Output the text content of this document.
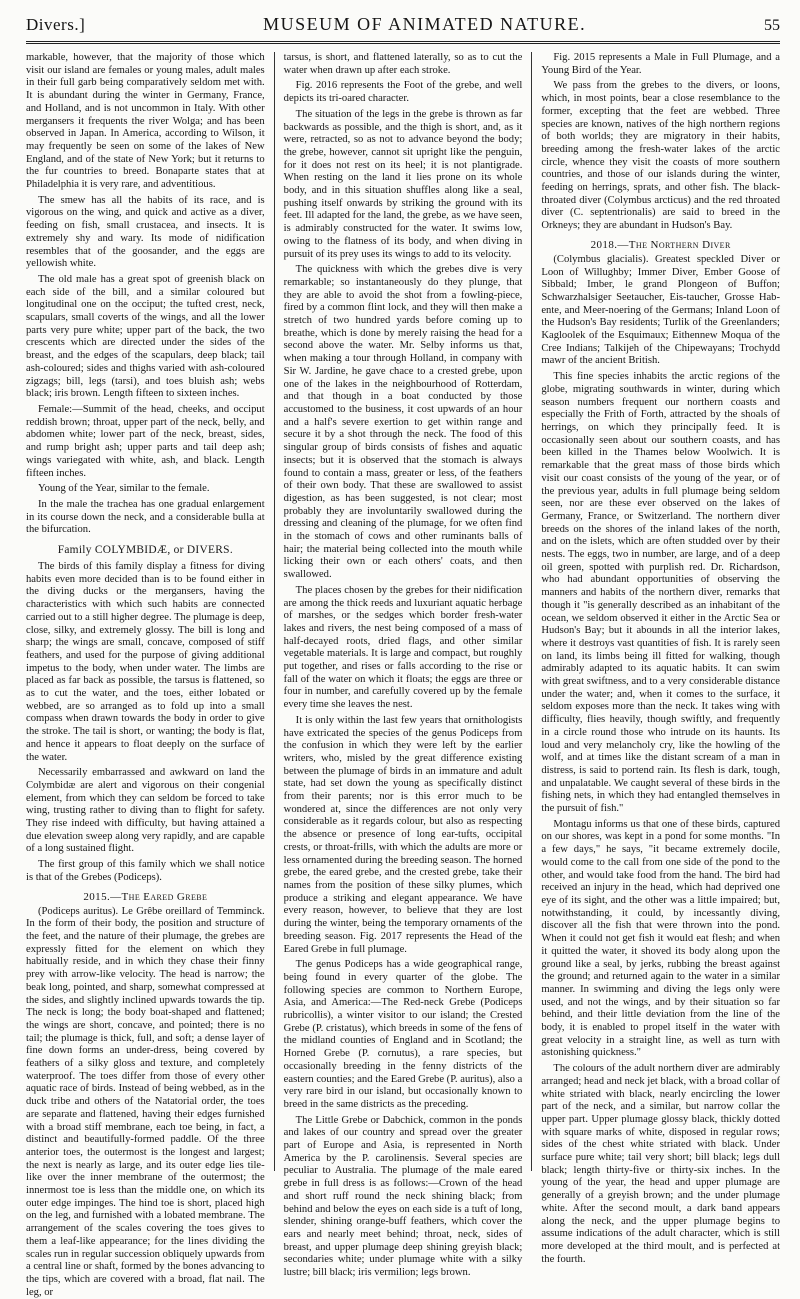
Divers.]	MUSEUM OF ANIMATED NATURE.	55

markable, however, that the majority of those which visit our island are females or young males, adult males in their full garb being comparatively seldom met with. It is abundant during the winter in Germany, France, and Holland, and is not uncommon in Italy. With other mergansers it frequents the river Wolga; and has been observed in Japan. In America, according to Wilson, it may frequently be seen on some of the lakes of New England, and of the state of New York; but it returns to the fur countries to breed. Bonaparte states that at Philadelphia it is very rare, and adventitious.

The smew has all the habits of its race, and is vigorous on the wing, and quick and active as a diver, feeding on fish, small crustacea, and insects. It is extremely shy and wary. Its mode of nidification resembles that of the goosander, and the eggs are yellowish white.

The old male has a great spot of greenish black on each side of the bill, and a similar coloured but longitudinal one on the occiput; the tufted crest, neck, scapulars, small coverts of the wings, and all the lower parts very pure white; upper part of the back, the two crescents which are directed under the sides of the breast, and the edges of the scapulars, deep black; tail ash-coloured; sides and thighs varied with ash-coloured zigzags; bill, legs (tarsi), and toes bluish ash; webs black; iris brown. Length fifteen to sixteen inches.

Female:—Summit of the head, cheeks, and occiput reddish brown; throat, upper part of the neck, belly, and abdomen white; lower part of the neck, breast, sides, and rump bright ash; upper parts and tail deep ash; wings variegated with white, ash, and black. Length fifteen inches.

Young of the Year, similar to the female.

In the male the trachea has one gradual enlargement in its course down the neck, and a considerable bulla at the bifurcation.

Family COLYMBIDÆ, or DIVERS.

The birds of this family display a fitness for diving habits even more decided than is to be found either in the diving ducks or the mergansers, having the characteristics with which such habits are connected carried out to a still higher degree. The plumage is deep, close, silky, and extremely glossy. The bill is long and sharp; the wings are small, concave, composed of stiff feathers, and used for the purpose of giving additional impetus to the body, when under water. The limbs are placed as far back as possible, the tarsus is flattened, so as to cut the water, and the toes, either lobated or webbed, are so arranged as to fold up into a small compass when drawn towards the body in order to give the stroke. The tail is short, or wanting; the body is flat, and hence it appears to float deeply on the surface of the water.

Necessarily embarrassed and awkward on land the Colymbidæ are alert and vigorous on their congenial element, from which they can seldom be forced to take wing, trusting rather to diving than to flight for safety. They rise indeed with difficulty, but having attained a due elevation sweep along very rapidly, and are capable of a long sustained flight.

The first group of this family which we shall notice is that of the Grebes (Podiceps).

2015.—The Eared Grebe

(Podiceps auritus). Le Grêbe oreillard of Temminck. In the form of their body, the position and structure of the feet, and the nature of their plumage, the grebes are expressly fitted for the element on which they habitually reside, and in which they chase their finny prey with arrow-like velocity. The head is narrow; the beak long, pointed, and sharp, somewhat compressed at the sides, and slightly inclined upwards towards the tip. The neck is long; the body boat-shaped and flattened; the wings are short, concave, and pointed; there is no tail; the plumage is thick, full, and soft; a dense layer of fine down forms an under-dress, being covered by feathers of a silky gloss and texture, and completely waterproof. The toes differ from those of every other aquatic race of birds. Instead of being webbed, as in the duck tribe and others of the Natatorial order, the toes are separate and flattened, having their edges furnished with a broad stiff membrane, each toe being, in fact, a distinct and beautifully-formed paddle. Of the three anterior toes, the outermost is the longest and largest; the next is nearly as large, and its outer edge lies tile-like over the inner membrane of the outermost; the innermost toe is less than the middle one, on which its outer edge impinges. The hind toe is short, placed high on the leg, and furnished with a lobated membrane. The arrangement of the scales covering the toes gives to them a leaf-like appearance; for the lines dividing the scales run in regular succession obliquely upwards from a central line or shaft, formed by the bones advancing to the tips, which are covered with a broad, flat nail. The leg, or

tarsus, is short, and flattened laterally, so as to cut the water when drawn up after each stroke.

Fig. 2016 represents the Foot of the grebe, and well depicts its tri-oared character.

The situation of the legs in the grebe is thrown as far backwards as possible, and the thigh is short, and, as it were, retracted, so as not to advance beyond the body; the grebe, however, cannot sit upright like the penguin, for it does not rest on its heel; it is not plantigrade. When resting on the land it lies prone on its whole body, and in this situation shuffles along like a seal, pushing itself onwards by striking the ground with its feet. Ill adapted for the land, the grebe, as we have seen, is admirably constructed for the water. It swims low, owing to the flatness of its body, and when diving in pursuit of its prey uses its wings to add to its velocity.

The quickness with which the grebes dive is very remarkable; so instantaneously do they plunge, that they are able to avoid the shot from a fowling-piece, fired by a common flint lock, and they will then make a stretch of two hundred yards before coming up to breathe, which is done by merely raising the head for a second above the water. Mr. Selby informs us that, when making a tour through Holland, in company with Sir W. Jardine, he gave chace to a crested grebe, upon one of the lakes in the neighbourhood of Rotterdam, and that though in a boat conducted by those accustomed to the business, it cost upwards of an hour and a half's severe exertion to get within range and secure it by a shot through the neck. The food of this singular group of birds consists of fishes and aquatic insects; but it is observed that the stomach is always found to contain a mass, greater or less, of the feathers of their own body. That these are swallowed to assist digestion, as has been suggested, is not clear; most probably they are involuntarily swallowed during the dressing and cleaning of the plumage, for we often find in the stomach of cows and other ruminants balls of hair; the material being collected into the mouth while licking their own or each others' coats, and then swallowed.

The places chosen by the grebes for their nidification are among the thick reeds and luxuriant aquatic herbage of marshes, or the sedges which border fresh-water lakes and rivers, the nest being composed of a mass of half-decayed roots, dried flags, and other similar vegetable materials. It is large and compact, but roughly put together, and rises or falls according to the rise or fall of the water on which it floats; the eggs are three or four in number, and carefully covered up by the female every time she leaves the nest.

It is only within the last few years that ornithologists have extricated the species of the genus Podiceps from the confusion in which they were left by the earlier writers, who, misled by the great difference existing between the plumage of birds in an immature and adult state, had set down the young as specifically distinct from their parents; nor is this error much to be wondered at, since the differences are not only very considerable as it regards colour, but also as respecting the absence or presence of long ear-tufts, occipital crests, or throat-frills, with which the adults are more or less ornamented during the breeding season. The horned grebe, the eared grebe, and the crested grebe, take their names from the position of these silky plumes, which produce a striking and elegant appearance. We have every reason, however, to believe that they are lost during the winter, being the temporary ornaments of the breeding season. Fig. 2017 represents the Head of the Eared Grebe in full plumage.

The genus Podiceps has a wide geographical range, being found in every quarter of the globe. The following species are common to Northern Europe, Asia, and America:—The Red-neck Grebe (Podiceps rubricollis), a winter visitor to our island; the Crested Grebe (P. cristatus), which breeds in some of the fens of the midland counties of England and in Scotland; the Horned Grebe (P. cornutus), a rare species, but occasionally breeding in the fenny districts of the eastern counties; and the Eared Grebe (P. auritus), also a very rare bird in our island, but occasionally known to breed in the same districts as the preceding.

The Little Grebe or Dabchick, common in the ponds and lakes of our country and spread over the greater part of Europe and Asia, is represented in North America by the P. carolinensis. Several species are peculiar to Australia. The plumage of the male eared grebe in full dress is as follows:—Crown of the head and short ruff round the neck shining black; from behind and below the eyes on each side is a tuft of long, slender, shining orange-buff feathers, which cover the ears and nearly meet behind; throat, neck, sides of breast, and upper plumage deep shining greyish black; secondaries white; under plumage white with a silky lustre; bill black; iris vermilion; legs brown.

Fig. 2015 represents a Male in Full Plumage, and a Young Bird of the Year.

We pass from the grebes to the divers, or loons, which, in most points, bear a close resemblance to the former, excepting that the feet are webbed. Three species are known, natives of the high northern regions of both worlds; they are migratory in their habits, breeding among the fresh-water lakes of the arctic circle, whence they visit the coasts of more southern countries, and those of our islands during the winter, feeding on herrings, sprats, and other fish. The black-throated diver (Colymbus arcticus) and the red throated diver (C. septentrionalis) are said to breed in the Orkneys; they are abundant in Hudson's Bay.

2018.—The Northern Diver

(Colymbus glacialis). Greatest speckled Diver or Loon of Willughby; Immer Diver, Ember Goose of Sibbald; Imber, le grand Plongeon of Buffon; Schwarzhalsiger Seetaucher, Eis-taucher, Grosse Hab-ente, and Meer-noering of the Germans; Inland Loon of the Hudson's Bay residents; Turlik of the Greenlanders; Kagloolek of the Esquimaux; Eithennew Moqua of the Cree Indians; Talkijeh of the Chipewayans; Trochydd mawr of the ancient British.

This fine species inhabits the arctic regions of the globe, migrating southwards in winter, during which season numbers frequent our northern coasts and especially the Frith of Forth, attracted by the shoals of herrings, on which they principally feed. It is occasionally seen about our southern coasts, and has been killed in the Thames below Woolwich. It is remarkable that the great mass of those birds which visit our coast consists of the young of the year, or of the previous year, adults in full plumage being seldom seen, nor are these ever observed on the lakes of Germany, France, or Switzerland. The northern diver breeds on the shores of the inland lakes of the north, and on the islets, which are often studded over by their nests. The eggs, two in number, are large, and of a deep oil green, spotted with purplish red. Dr. Richardson, who had abundant opportunities of observing the manners and habits of the northern diver, remarks that though it "is generally described as an inhabitant of the ocean, we seldom observed it either in the Arctic Sea or Hudson's Bay; but it abounds in all the interior lakes, where it destroys vast quantities of fish. It is rarely seen on land, its limbs being ill fitted for walking, though admirably adapted to its aquatic habits. It can swim with great swiftness, and to a very considerable distance under the water; and, when it comes to the surface, it seldom exposes more than the neck. It takes wing with difficulty, flies heavily, though swiftly, and frequently in a circle round those who intrude on its haunts. Its loud and very melancholy cry, like the howling of the wolf, and at times like the distant scream of a man in distress, is said to portend rain. Its flesh is dark, tough, and unpalatable. We caught several of these birds in the fishing nets, in which they had entangled themselves in the pursuit of fish."

Montagu informs us that one of these birds, captured on our shores, was kept in a pond for some months. "In a few days," he says, "it became extremely docile, would come to the call from one side of the pond to the other, and would take food from the hand. The bird had received an injury in the head, which had deprived one eye of its sight, and the other was a little impaired; but, notwithstanding, it could, by incessantly diving, discover all the fish that were thrown into the pond. When it could not get fish it would eat flesh; and when it quitted the water, it shoved its body along upon the ground like a seal, by jerks, rubbing the breast against the ground; and returned again to the water in a similar manner. In swimming and diving the legs only were used, and not the wings, and by their situation so far behind, and their little deviation from the line of the body, it is enabled to propel itself in the water with great velocity in a straight line, as well as turn with astonishing quickness."

The colours of the adult northern diver are admirably arranged; head and neck jet black, with a broad collar of white striated with black, nearly encircling the lower part of the neck, and a similar, but narrow collar the upper part. Upper plumage glossy black, thickly dotted with square marks of white, disposed in regular rows; sides of the chest white striated with black. Under surface pure white; tail very short; bill black; legs dull black; length thirty-five or thirty-six inches. In the young of the year, the head and upper plumage are generally of a greyish brown; and the under plumage white. After the second moult, a dark band appears along the neck, and the upper plumage begins to assume indications of the adult character, which is still more developed at the third moult, and is perfected at the fourth.
